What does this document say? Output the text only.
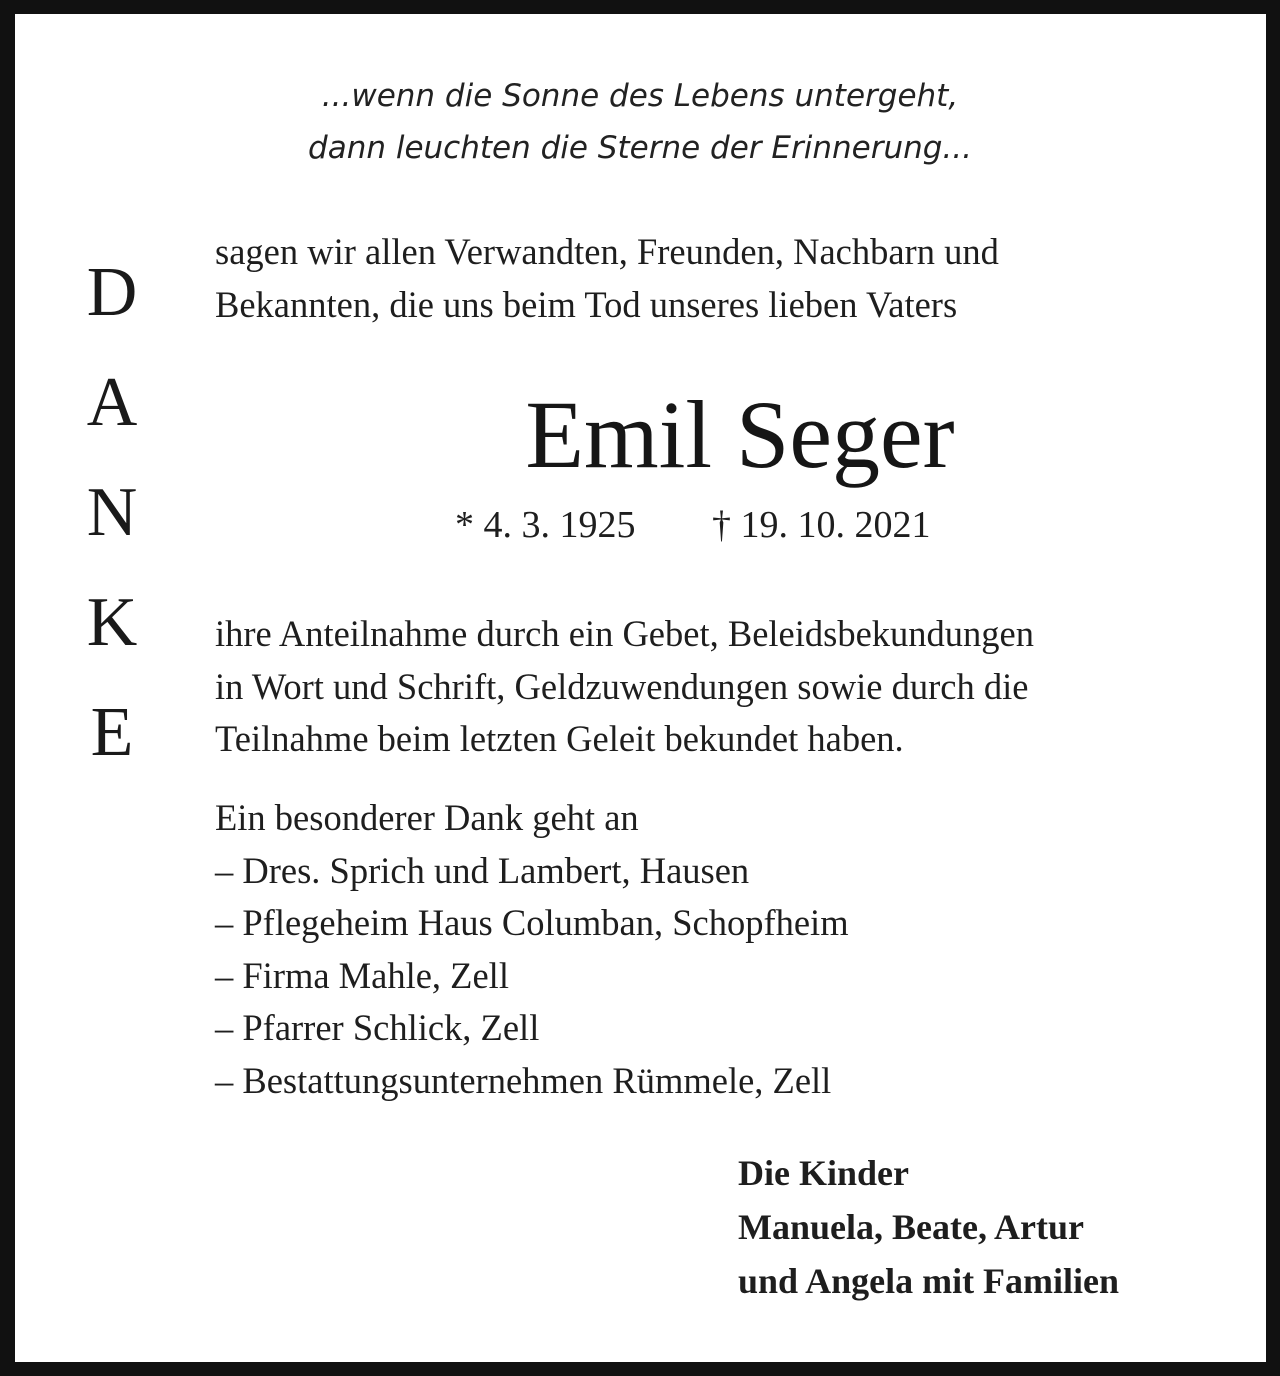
...wenn die Sonne des Lebens untergeht,
dann leuchten die Sterne der Erinnerung...
D
A
N
K
E
sagen wir allen Verwandten, Freunden, Nachbarn und
Bekannten, die uns beim Tod unseres lieben Vaters
Emil Seger
* 4. 3. 1925 † 19. 10. 2021
ihre Anteilnahme durch ein Gebet, Beleidsbekundungen
in Wort und Schrift, Geldzuwendungen sowie durch die
Teilnahme beim letzten Geleit bekundet haben.
Ein besonderer Dank geht an
– Dres. Sprich und Lambert, Hausen
– Pflegeheim Haus Columban, Schopfheim
– Firma Mahle, Zell
– Pfarrer Schlick, Zell
– Bestattungsunternehmen Rümmele, Zell
Die Kinder
Manuela, Beate, Artur
und Angela mit Familien
